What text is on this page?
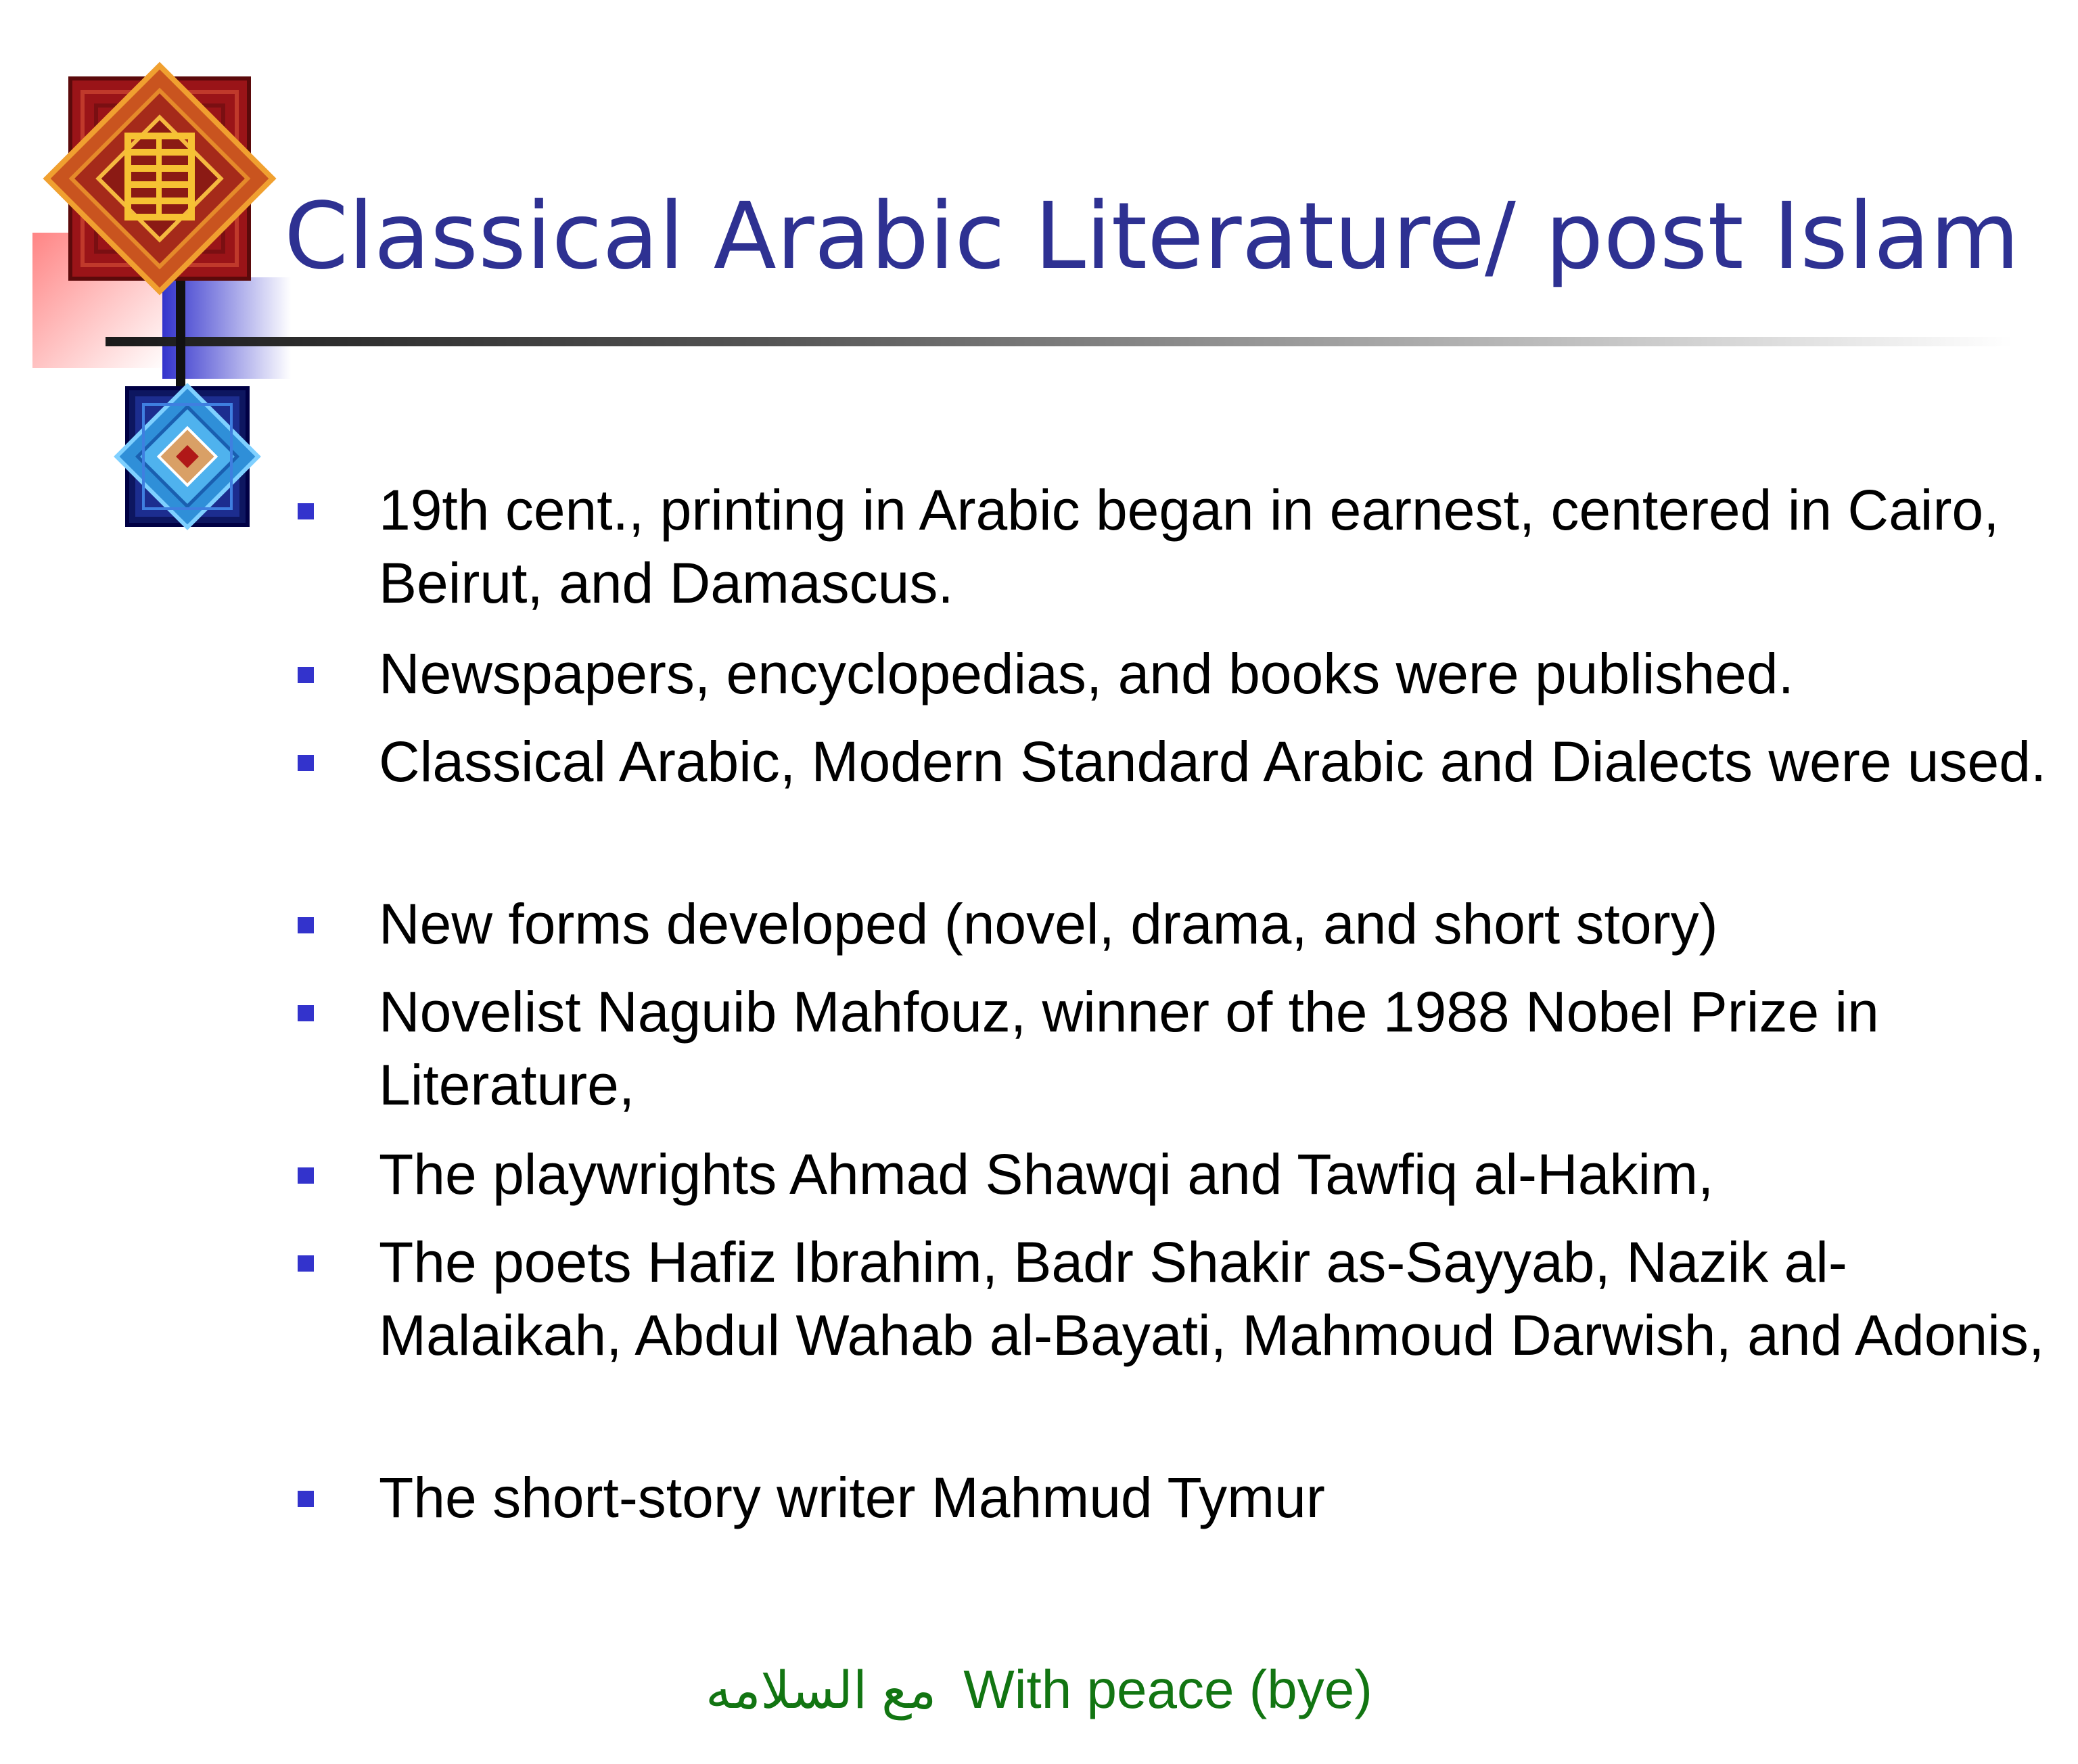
Classical Arabic Literature/ post Islam
19th cent., printing in Arabic began in earnest, centered in Cairo, Beirut, and Damascus.
Newspapers, encyclopedias, and books were published.
Classical Arabic, Modern Standard Arabic and Dialects were used.
New forms developed (novel, drama, and short story)
Novelist Naguib Mahfouz, winner of the 1988 Nobel Prize in Literature,
The playwrights Ahmad Shawqi and Tawfiq al-Hakim,
The poets Hafiz Ibrahim, Badr Shakir as-Sayyab, Nazik al-Malaikah, Abdul Wahab al-Bayati, Mahmoud Darwish, and Adonis,
The short-story writer Mahmud Tymur
مع السلامه With peace (bye)
